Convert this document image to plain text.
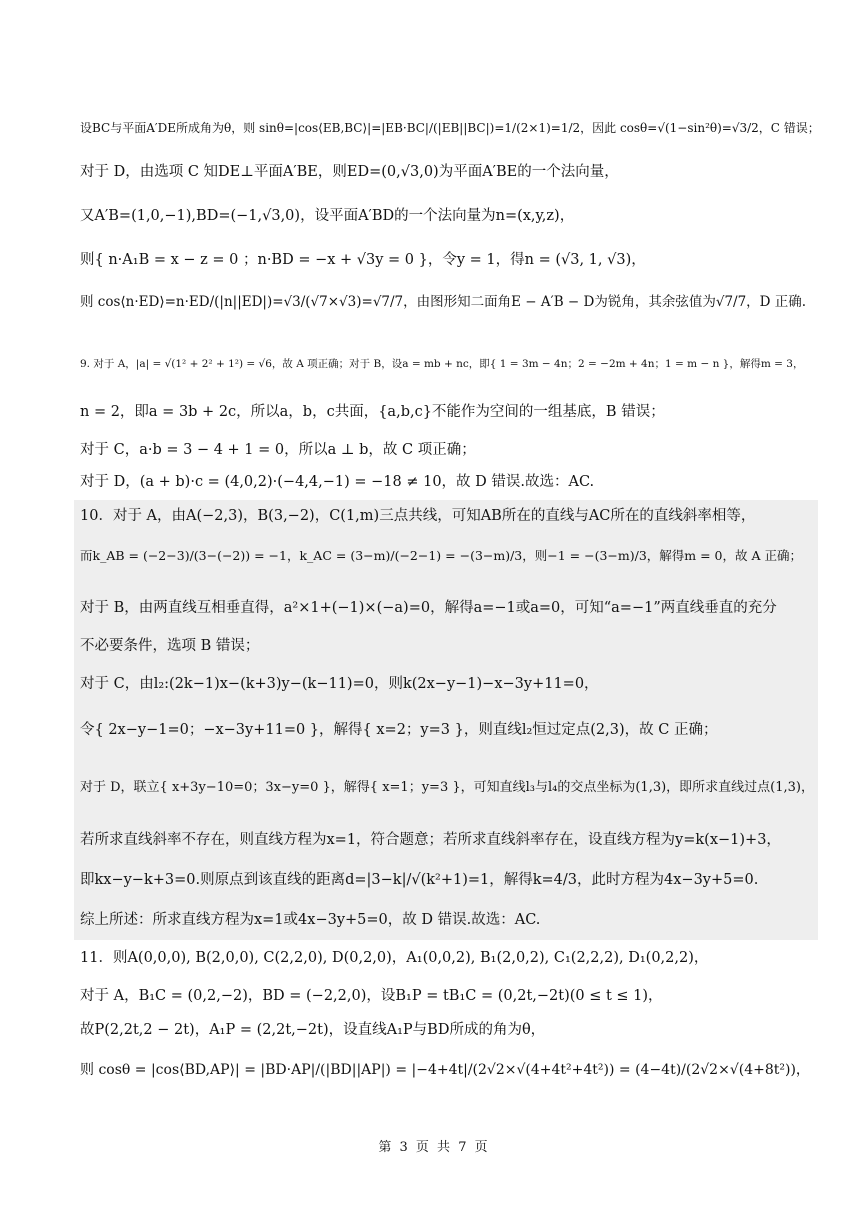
设BC与平面A′DE所成角为θ，则 sinθ=|cos⟨EB,BC⟩|=|EB·BC|/(|EB||BC|)=1/(2×1)=1/2，因此 cosθ=√(1−sin²θ)=√3/2，C 错误；
对于 D，由选项 C 知DE⊥平面A′BE，则ED=(0,√3,0)为平面A′BE的一个法向量，
又A′B=(1,0,−1),BD=(−1,√3,0)，设平面A′BD的一个法向量为n=(x,y,z)，
则{ n·A₁B = x − z = 0 ；n·BD = −x + √3y = 0 }，令y = 1，得n = (√3, 1, √3)，
则 cos⟨n·ED⟩=n·ED/(|n||ED|)=√3/(√7×√3)=√7/7，由图形知二面角E − A′B − D为锐角，其余弦值为√7/7，D 正确.
9. 对于 A，|a| = √(1² + 2² + 1²) = √6，故 A 项正确；对于 B，设a = mb + nc，即{ 1 = 3m − 4n；2 = −2m + 4n；1 = m − n }，解得m = 3，
n = 2，即a = 3b + 2c，所以a，b，c共面，{a,b,c}不能作为空间的一组基底，B 错误；
对于 C，a·b = 3 − 4 + 1 = 0，所以a ⊥ b，故 C 项正确；
对于 D，(a + b)·c = (4,0,2)·(−4,4,−1) = −18 ≠ 10，故 D 错误.故选：AC.
10．对于 A，由A(−2,3)，B(3,−2)，C(1,m)三点共线，可知AB所在的直线与AC所在的直线斜率相等，
而k_AB = (−2−3)/(3−(−2)) = −1，k_AC = (3−m)/(−2−1) = −(3−m)/3，则−1 = −(3−m)/3，解得m = 0，故 A 正确；
对于 B，由两直线互相垂直得，a²×1+(−1)×(−a)=0，解得a=−1或a=0，可知“a=−1”两直线垂直的充分
不必要条件，选项 B 错误；
对于 C，由l₂:(2k−1)x−(k+3)y−(k−11)=0，则k(2x−y−1)−x−3y+11=0，
令{ 2x−y−1=0；−x−3y+11=0 }，解得{ x=2；y=3 }，则直线l₂恒过定点(2,3)，故 C 正确；
对于 D，联立{ x+3y−10=0；3x−y=0 }，解得{ x=1；y=3 }，可知直线l₃与l₄的交点坐标为(1,3)，即所求直线过点(1,3)，
若所求直线斜率不存在，则直线方程为x=1，符合题意；若所求直线斜率存在，设直线方程为y=k(x−1)+3，
即kx−y−k+3=0.则原点到该直线的距离d=|3−k|/√(k²+1)=1，解得k=4/3，此时方程为4x−3y+5=0.
综上所述：所求直线方程为x=1或4x−3y+5=0，故 D 错误.故选：AC.
11．则A(0,0,0), B(2,0,0), C(2,2,0), D(0,2,0)，A₁(0,0,2), B₁(2,0,2), C₁(2,2,2), D₁(0,2,2)，
对于 A，B₁C = (0,2,−2)，BD = (−2,2,0)，设B₁P = tB₁C = (0,2t,−2t)(0 ≤ t ≤ 1)，
故P(2,2t,2 − 2t)，A₁P = (2,2t,−2t)，设直线A₁P与BD所成的角为θ，
则 cosθ = |cos⟨BD,AP⟩| = |BD·AP|/(|BD||AP|) = |−4+4t|/(2√2×√(4+4t²+4t²)) = (4−4t)/(2√2×√(4+8t²))，
第 3 页 共 7 页
